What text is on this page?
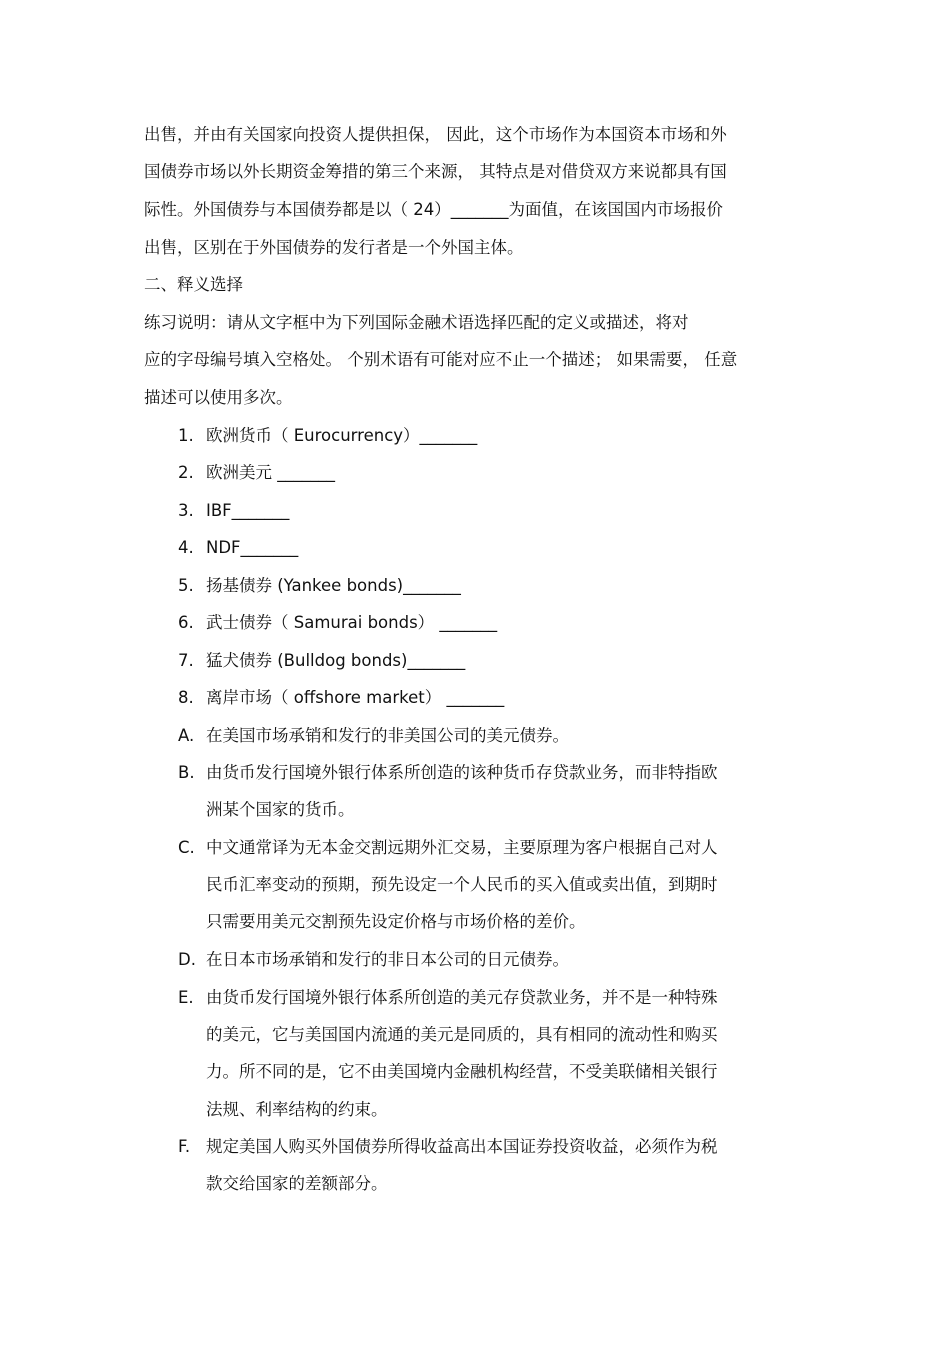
出售，并由有关国家向投资人提供担保， 因此，这个市场作为本国资本市场和外
国债券市场以外长期资金筹措的第三个来源， 其特点是对借贷双方来说都具有国
际性。外国债券与本国债券都是以（ 24）_______为面值，在该国国内市场报价
出售，区别在于外国债券的发行者是一个外国主体。
二、释义选择
练习说明：请从文字框中为下列国际金融术语选择匹配的定义或描述，将对
应的字母编号填入空格处。 个别术语有可能对应不止一个描述； 如果需要， 任意
描述可以使用多次。
1. 欧洲货币（ Eurocurrency）_______
2. 欧洲美元 _______
3. IBF_______
4. NDF_______
5. 扬基债券 (Yankee bonds)_______
6. 武士债券（ Samurai bonds） _______
7. 猛犬债券 (Bulldog bonds)_______
8. 离岸市场（ offshore market） _______
A. 在美国市场承销和发行的非美国公司的美元债券。
B. 由货币发行国境外银行体系所创造的该种货币存贷款业务，而非特指欧
洲某个国家的货币。
C. 中文通常译为无本金交割远期外汇交易，主要原理为客户根据自己对人
民币汇率变动的预期，预先设定一个人民币的买入值或卖出值，到期时
只需要用美元交割预先设定价格与市场价格的差价。
D. 在日本市场承销和发行的非日本公司的日元债券。
E. 由货币发行国境外银行体系所创造的美元存贷款业务，并不是一种特殊
的美元，它与美国国内流通的美元是同质的，具有相同的流动性和购买
力。所不同的是，它不由美国境内金融机构经营，不受美联储相关银行
法规、利率结构的约束。
F. 规定美国人购买外国债券所得收益高出本国证券投资收益，必须作为税
款交给国家的差额部分。
